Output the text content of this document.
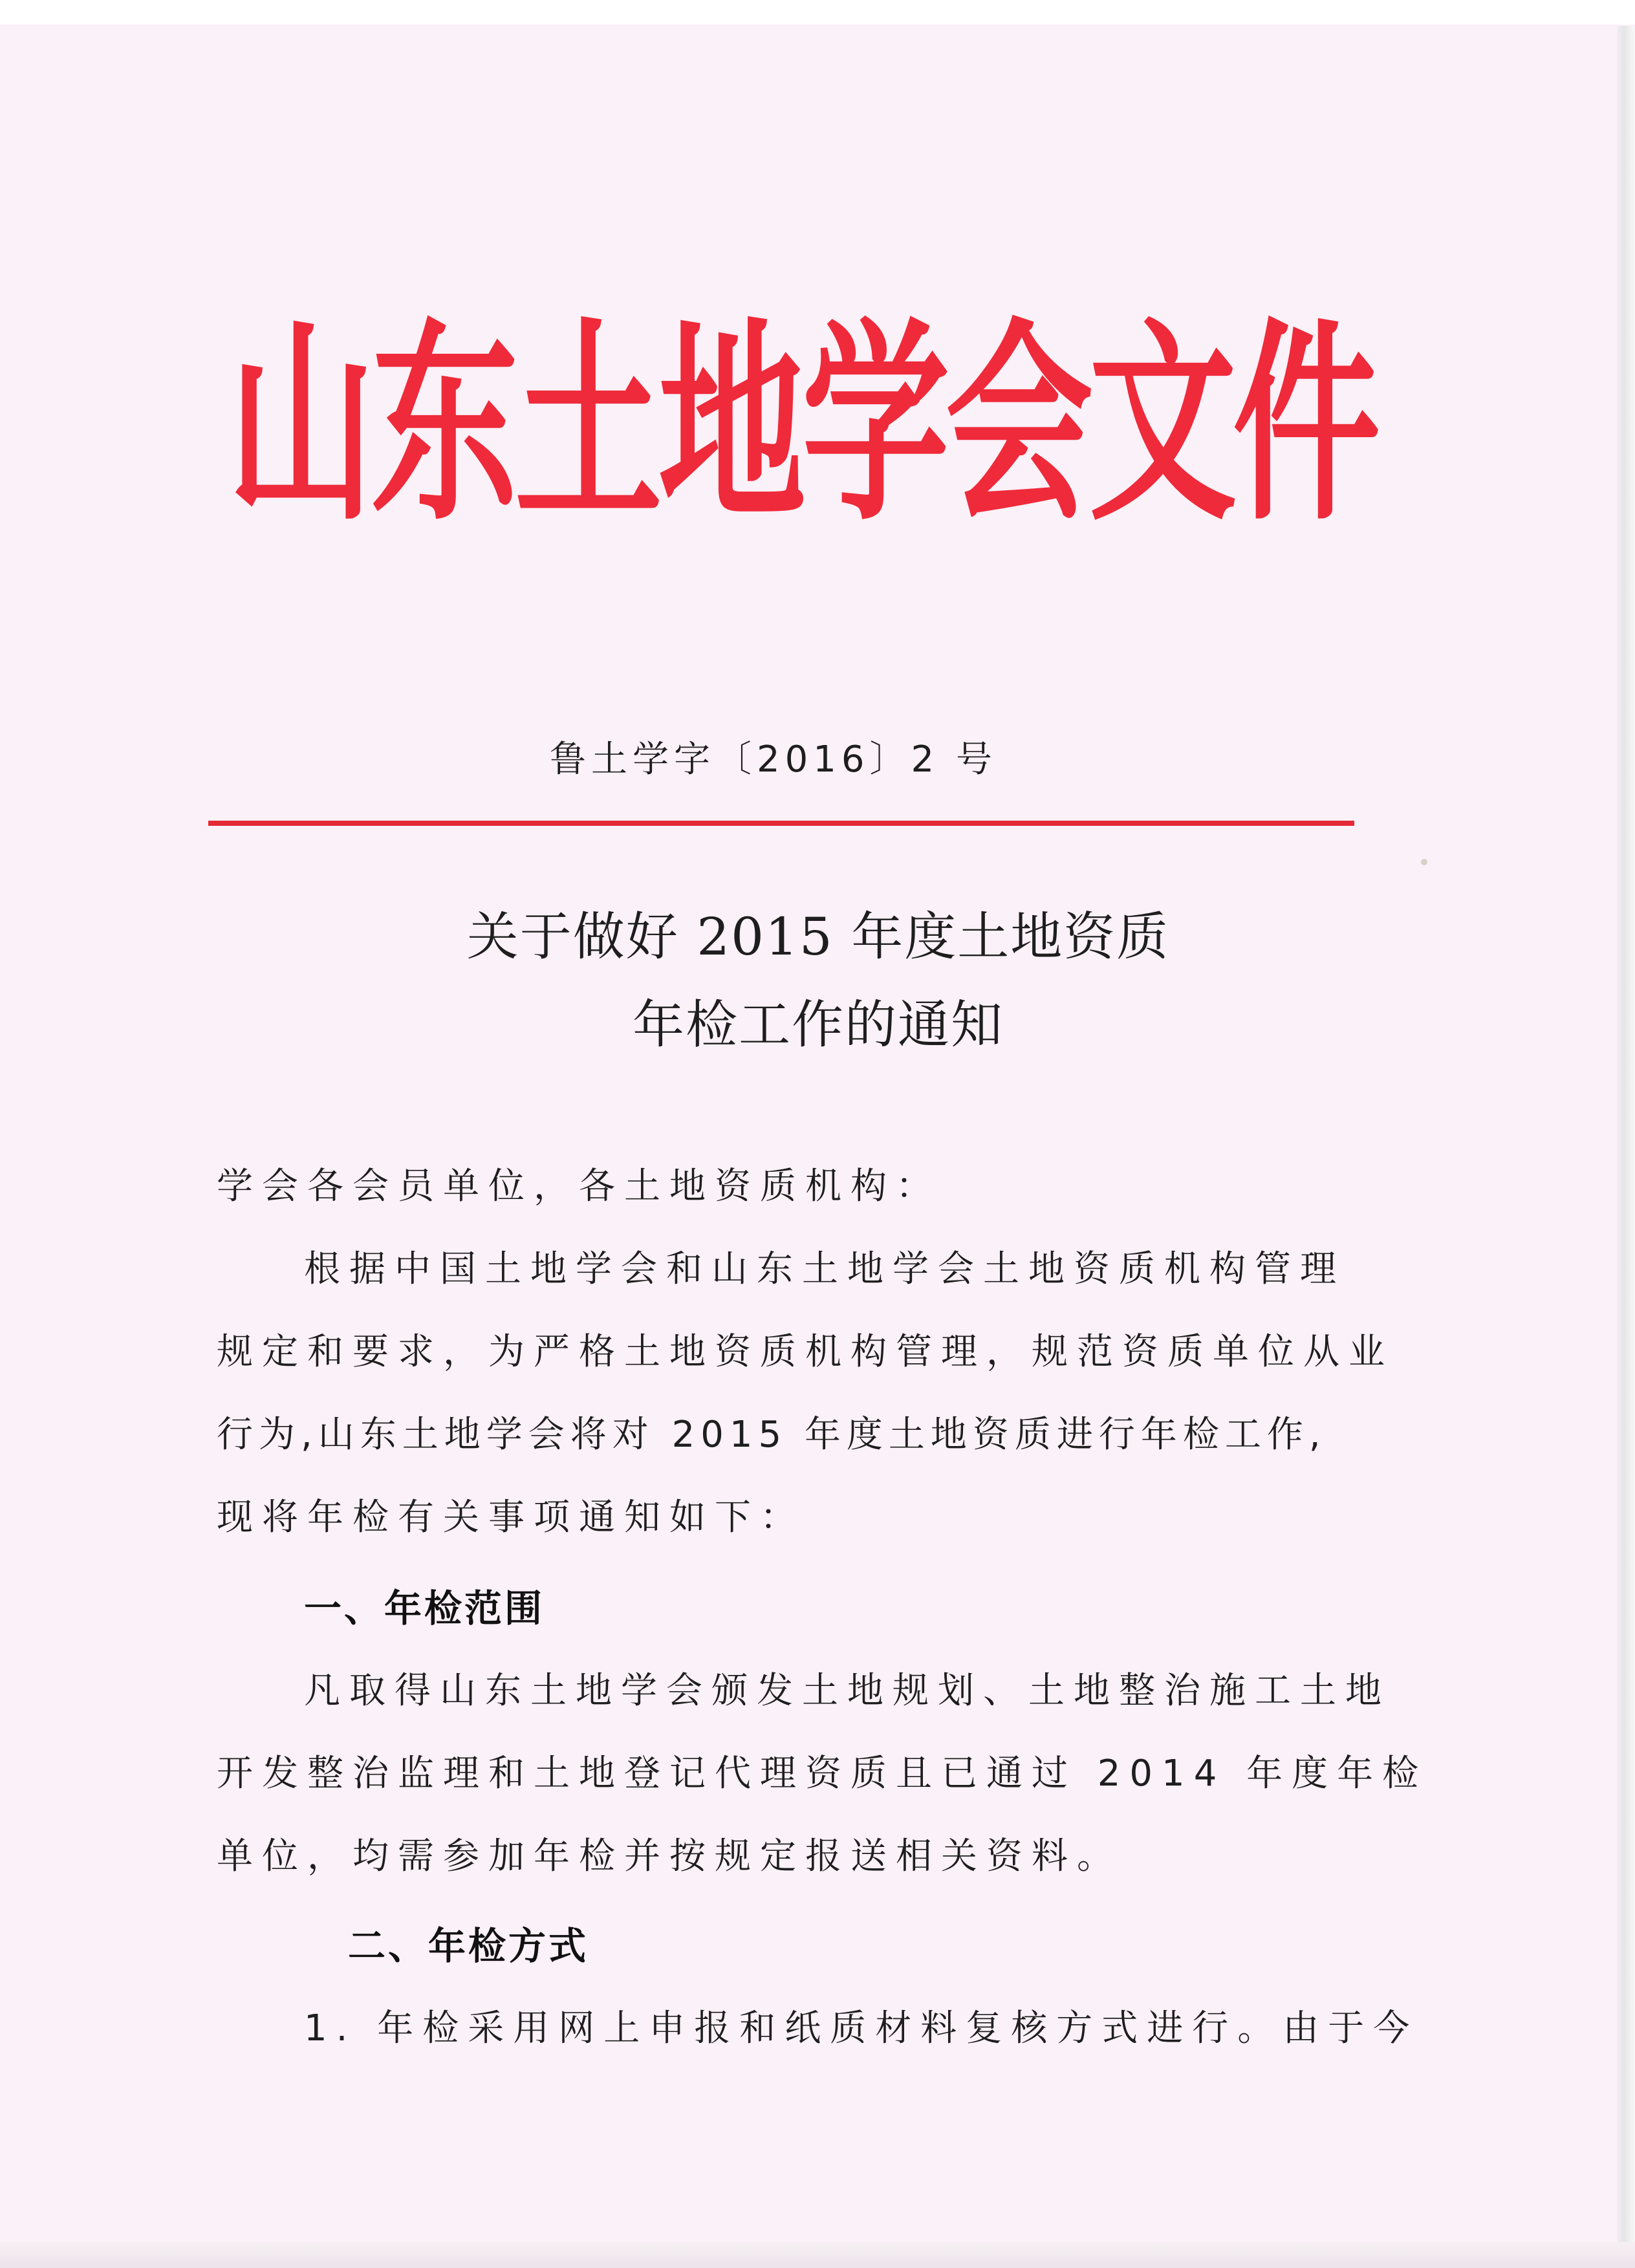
山东土地学会文件
鲁土学字〔2016〕2 号
关于做好 2015 年度土地资质
年检工作的通知
学会各会员单位，各土地资质机构：
根据中国土地学会和山东土地学会土地资质机构管理
规定和要求，为严格土地资质机构管理，规范资质单位从业
行为,山东土地学会将对 2015 年度土地资质进行年检工作,
现将年检有关事项通知如下：
一、年检范围
凡取得山东土地学会颁发土地规划、土地整治施工土地
开发整治监理和土地登记代理资质且已通过 2014 年度年检
单位，均需参加年检并按规定报送相关资料。
二、年检方式
1. 年检采用网上申报和纸质材料复核方式进行。由于今
